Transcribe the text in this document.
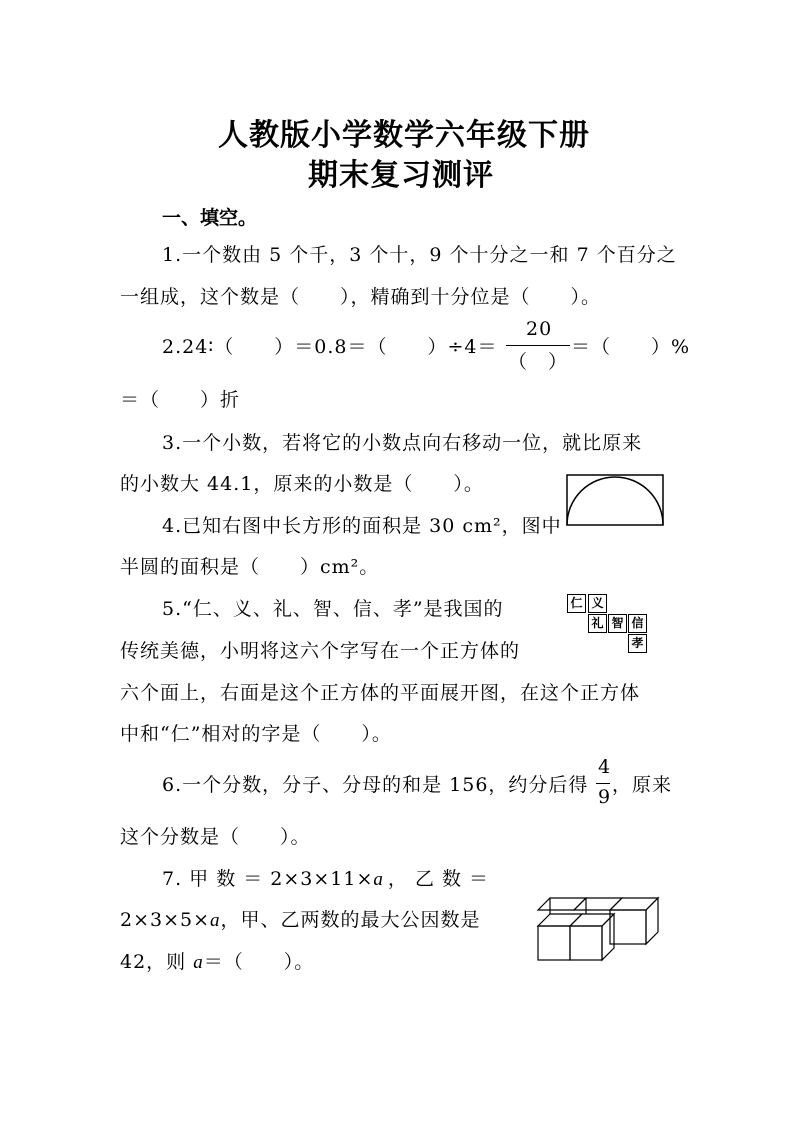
人教版小学数学六年级下册
期末复习测评
一、填空。
1.一个数由 5 个千，3 个十，9 个十分之一和 7 个百分之
一组成，这个数是（　　），精确到十分位是（　　）。
2.24∶（　　）＝0.8＝（　　）÷4＝
20
（　）
＝（　　）%
＝（　　）折
3.一个小数，若将它的小数点向右移动一位，就比原来
的小数大 44.1，原来的小数是（　　）。
4.已知右图中长方形的面积是 30 cm²，图中
半圆的面积是（　　）cm²。
仁 义
礼 智 信
孝
5.“仁、义、礼、智、信、孝”是我国的
传统美德，小明将这六个字写在一个正方体的
六个面上，右面是这个正方体的平面展开图，在这个正方体
中和“仁”相对的字是（　　）。
6.一个分数，分子、分母的和是 156，约分后得
4
9
，原来
这个分数是（　　）。
7. 甲 数 ＝ 2×3×11×a ， 乙 数 ＝
2×3×5×a，甲、乙两数的最大公因数是
42，则 a＝（　　）。
